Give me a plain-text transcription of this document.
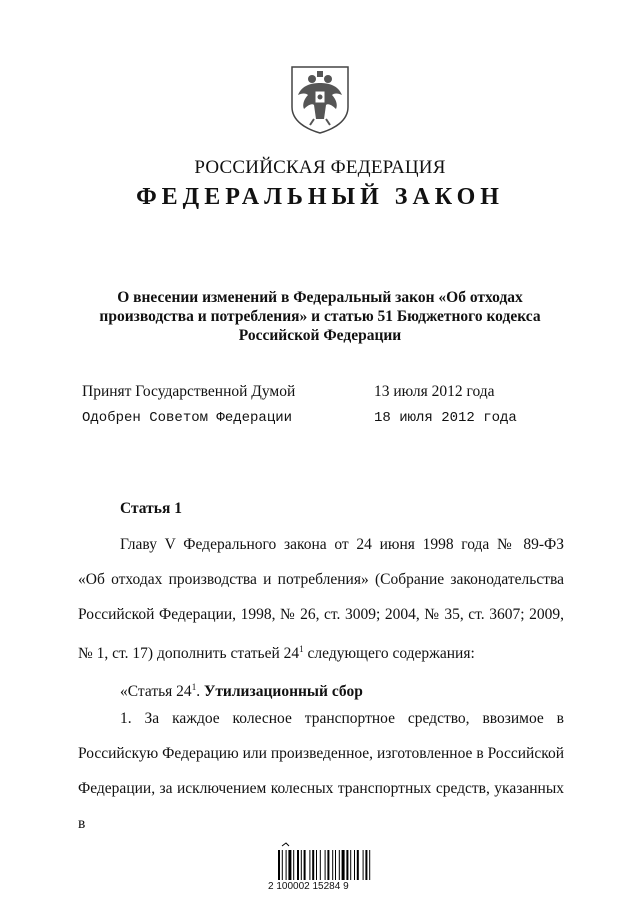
РОССИЙСКАЯ ФЕДЕРАЦИЯ
ФЕДЕРАЛЬНЫЙ ЗАКОН
О внесении изменений в Федеральный закон «Об отходах
производства и потребления» и статью 51 Бюджетного кодекса
Российской Федерации
Принят Государственной Думой	13 июля 2012 года
Одобрен Советом Федерации	18 июля 2012 года
Статья 1
Главу V Федерального закона от 24 июня 1998 года № 89-ФЗ
«Об отходах производства и потребления» (Собрание законодательства
Российской Федерации, 1998, № 26, ст. 3009; 2004, № 35, ст. 3607; 2009,
№ 1, ст. 17) дополнить статьей $24^1$ следующего содержания:
«Статья $24^1$. Утилизационный сбор
1. За каждое колесное транспортное средство, ввозимое в
Российскую Федерацию или произведенное, изготовленное в Российской
Федерации, за исключением колесных транспортных средств, указанных в
2 100002 15284 9
